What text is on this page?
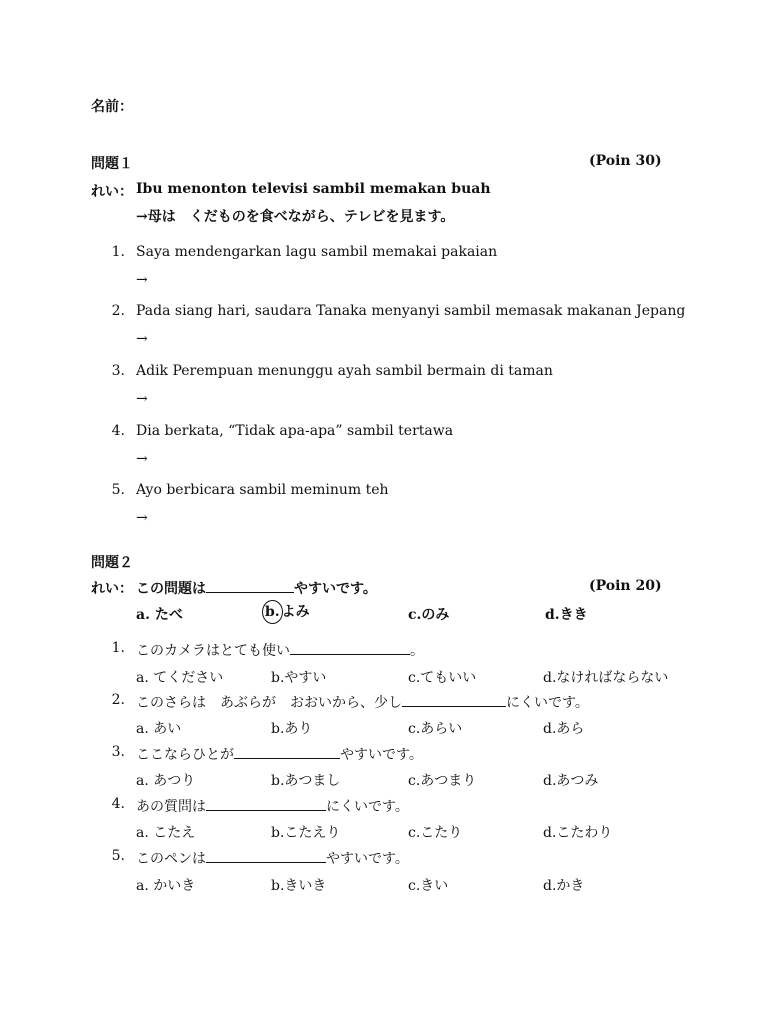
名前：
問題１	(Poin 30)
れい： Ibu menonton televisi sambil memakan buah
→母は　くだものを食べながら、テレビを見ます。
1. Saya mendengarkan lagu sambil memakai pakaian
→
2. Pada siang hari, saudara Tanaka menyanyi sambil memasak makanan Jepang
→
3. Adik Perempuan menunggu ayah sambil bermain di taman
→
4. Dia berkata, “Tidak apa-apa” sambil tertawa
→
5. Ayo berbicara sambil meminum teh
→
問題２
れい： この問題は	やすいです。	(Poin 20)
a. たべ	b. よみ	c.のみ	d.きき
1. このカメラはとても使い	。
a. てください	b.やすい	c.てもいい	d.なければならない
2. このさらは　あぶらが　おおいから、少し	にくいです。
a. あい	b.あり	c.あらい	d.あら
3. ここならひとが	やすいです。
a. あつり	b.あつまし	c.あつまり	d.あつみ
4. あの質問は	にくいです。
a. こたえ	b.こたえり	c.こたり	d.こたわり
5. このペンは	やすいです。
a. かいき	b.きいき	c.きい	d.かき
